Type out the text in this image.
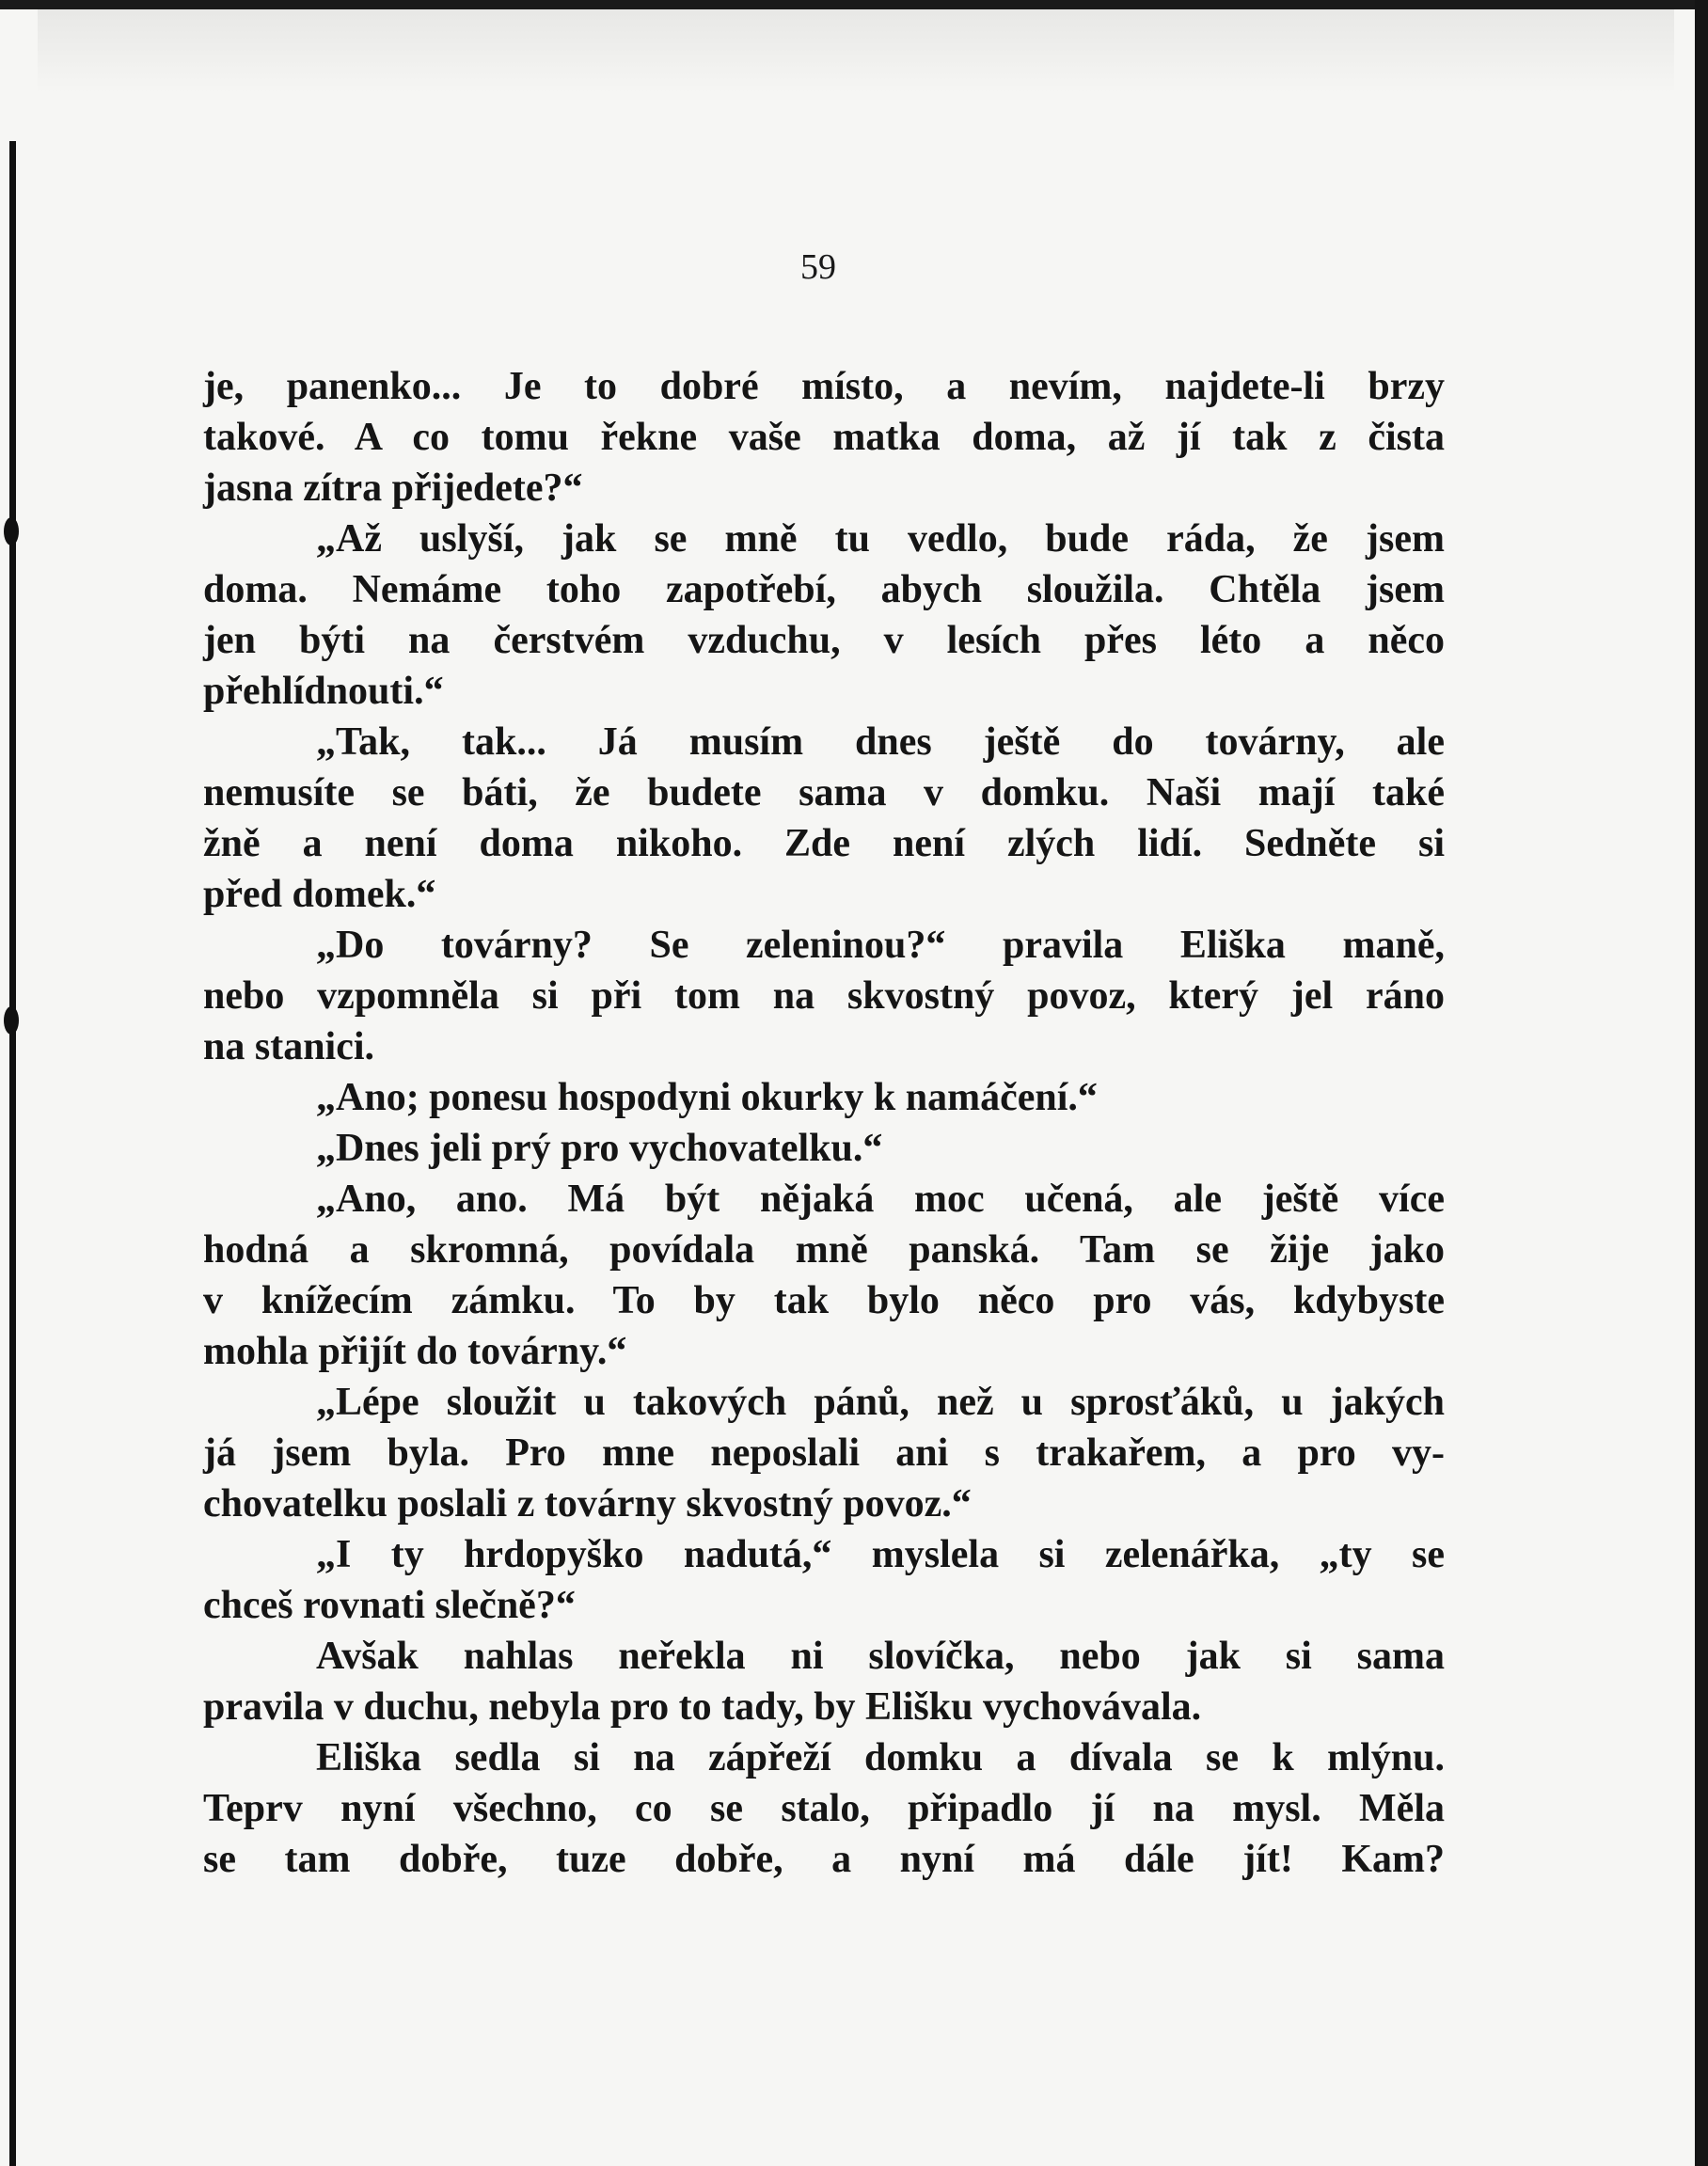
59
je, panenko... Je to dobré místo, a nevím, najdete-li brzy
takové. A co tomu řekne vaše matka doma, až jí tak z čista
jasna zítra přijedete?“
„Až uslyší, jak se mně tu vedlo, bude ráda, že jsem
doma. Nemáme toho zapotřebí, abych sloužila. Chtěla jsem
jen býti na čerstvém vzduchu, v lesích přes léto a něco
přehlídnouti.“
„Tak, tak... Já musím dnes ještě do továrny, ale
nemusíte se báti, že budete sama v domku. Naši mají také
žně a není doma nikoho. Zde není zlých lidí. Sedněte si
před domek.“
„Do továrny? Se zeleninou?“ pravila Eliška maně,
nebo vzpomněla si při tom na skvostný povoz, který jel ráno
na stanici.
„Ano; ponesu hospodyni okurky k namáčení.“
„Dnes jeli prý pro vychovatelku.“
„Ano, ano. Má být nějaká moc učená, ale ještě více
hodná a skromná, povídala mně panská. Tam se žije jako
v knížecím zámku. To by tak bylo něco pro vás, kdybyste
mohla přijít do továrny.“
„Lépe sloužit u takových pánů, než u sprosťáků, u jakých
já jsem byla. Pro mne neposlali ani s trakařem, a pro vy-
chovatelku poslali z továrny skvostný povoz.“
„I ty hrdopyško nadutá,“ myslela si zelenářka, „ty se
chceš rovnati slečně?“
Avšak nahlas neřekla ni slovíčka, nebo jak si sama
pravila v duchu, nebyla pro to tady, by Elišku vychovávala.
Eliška sedla si na zápřeží domku a dívala se k mlýnu.
Teprv nyní všechno, co se stalo, připadlo jí na mysl. Měla
se tam dobře, tuze dobře, a nyní má dále jít! Kam?
